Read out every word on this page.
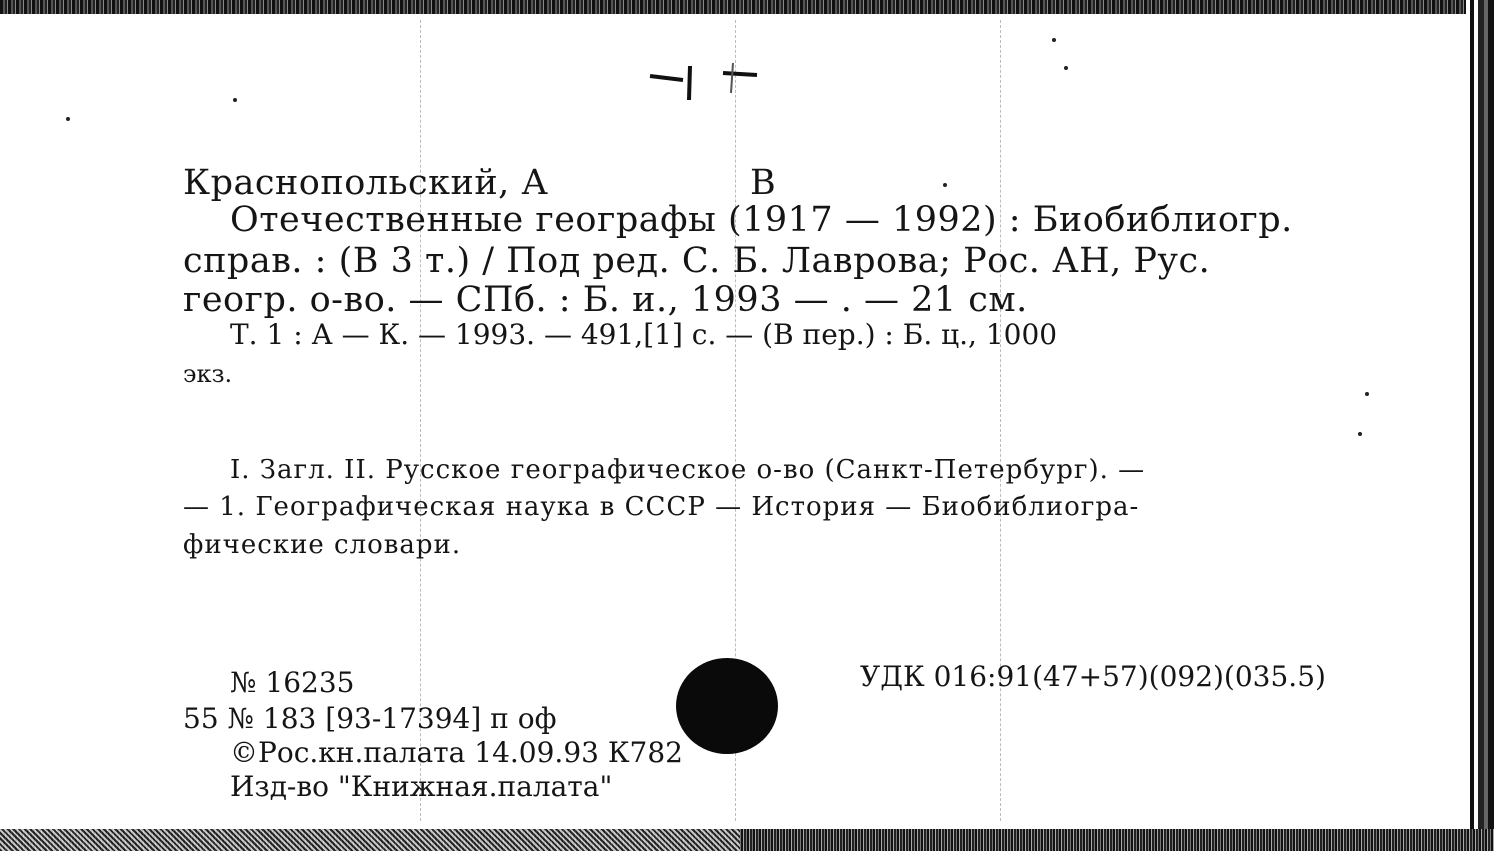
Краснопольский, А	В
Отечественные географы (1917 — 1992) : Биобиблиогр.
справ. : (В 3 т.) / Под ред. С. Б. Лаврова; Рос. АН, Рус.
геогр. о-во. — СПб. : Б. и., 1993 — . — 21 см.
Т. 1 : А — К. — 1993. — 491,[1] с. — (В пер.) : Б. ц., 1000
экз.
I. Загл. II. Русское географическое о-во (Санкт-Петербург). —
— 1. Географическая наука в СССР — История — Биобиблиогра-
фические словари.
№ 16235	УДК 016:91(47+57)(092)(035.5)
55 № 183 [93-17394] п оф
©Рос.кн.палата 14.09.93 К782
Изд-во "Книжная.палата"
